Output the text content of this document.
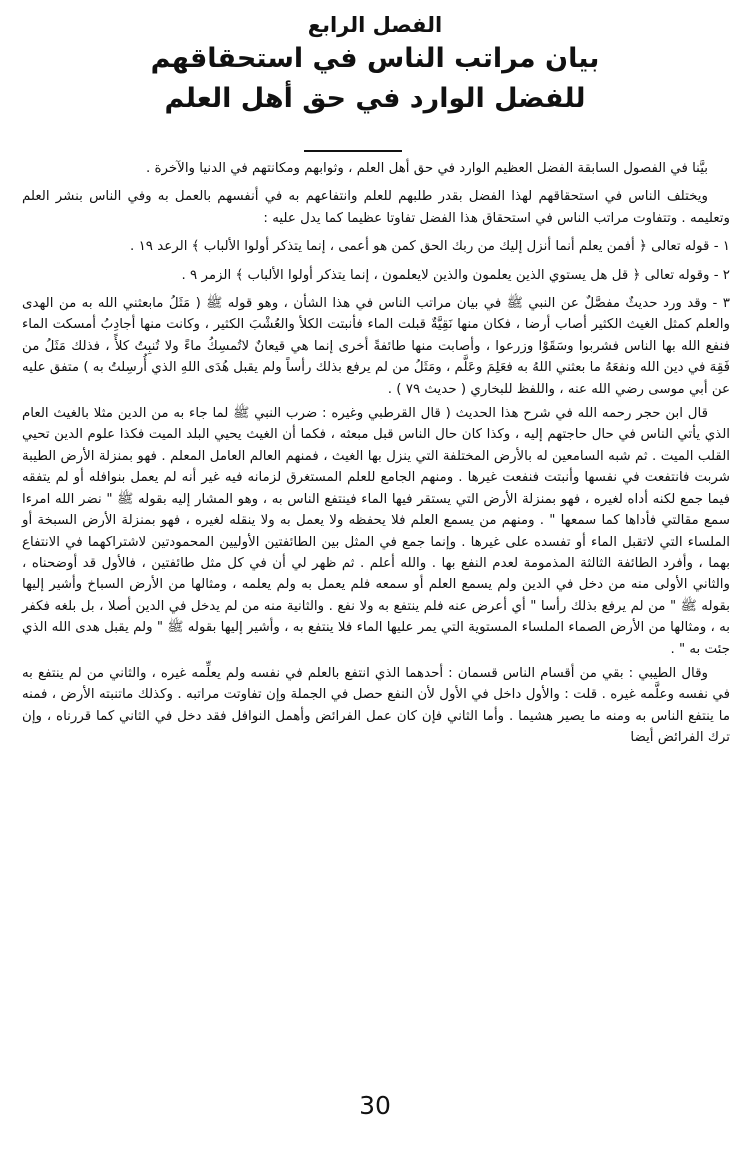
الفصل الرابع
بيان مراتب الناس في استحقاقهم
للفضل الوارد في حق أهل العلم

بيَّنا في الفصول السابقة الفضل العظيم الوارد في حق أهل العلم ، وثوابهم ومكانتهم في الدنيا والآخرة .

ويختلف الناس في استحقاقهم لهذا الفضل بقدر طلبهم للعلم وانتفاعهم به في أنفسهم بالعمل به وفي الناس بنشر العلم وتعليمه . وتتفاوت مراتب الناس في استحقاق هذا الفضل تفاوتا عظيما كما يدل عليه :

١ - قوله تعالى ﴿ أفمن يعلم أنما أنزل إليك من ربك الحق كمن هو أعمى ، إنما يتذكر أولوا الألباب ﴾ الرعد ١٩ .

٢ - وقوله تعالى ﴿ قل هل يستوي الذين يعلمون والذين لايعلمون ، إنما يتذكر أولوا الألباب ﴾ الزمر ٩ .

٣ - وقد ورد حديثٌ مفصَّلٌ عن النبي ﷺ في بيان مراتب الناس في هذا الشأن ، وهو قوله ﷺ ( مَثَلُ مابعثني الله به من الهدى والعلم كمثل الغيث الكثير أصاب أرضا ، فكان منها نَقِيَّةٌ قبلت الماء فأنبتت الكلأ والعُشْبَ الكثير ، وكانت منها أجادِبُ أمسكت الماء فنفع الله بها الناس فشربوا وسَقَوْا وزرعوا ، وأصابت منها طائفةً أخرى إنما هي قيعانٌ لاتُمسِكُ ماءً ولا تُنبِتُ كلأً ، فذلك مَثَلُ من فَقِهَ في دين الله ونفعَهُ ما بعثني اللهُ به فعَلِمَ وعَلَّم ، ومَثَلُ من لم يرفع بذلك رأساً ولم يقبل هُدَى اللهِ الذي أُرسِلتُ به ) متفق عليه عن أبي موسى رضي الله عنه ، واللفظ للبخاري ( حديث ٧٩ ) .

قال ابن حجر رحمه الله في شرح هذا الحديث ( قال القرطبي وغيره : ضرب النبي ﷺ لما جاء به من الدين مثلا بالغيث العام الذي يأتي الناس في حال حاجتهم إليه ، وكذا كان حال الناس قبل مبعثه ، فكما أن الغيث يحيي البلد الميت فكذا علوم الدين تحيي القلب الميت . ثم شبه السامعين له بالأرض المختلفة التي ينزل بها الغيث ، فمنهم العالم العامل المعلم . فهو بمنزلة الأرض الطيبة شربت فانتفعت في نفسها وأنبتت فنفعت غيرها . ومنهم الجامع للعلم المستغرق لزمانه فيه غير أنه لم يعمل بنوافله أو لم يتفقه فيما جمع لكنه أداه لغيره ، فهو بمنزلة الأرض التي يستقر فيها الماء فينتفع الناس به ، وهو المشار إليه بقوله ﷺ " نضر الله امرءا سمع مقالتي فأداها كما سمعها " . ومنهم من يسمع العلم فلا يحفظه ولا يعمل به ولا ينقله لغيره ، فهو بمنزلة الأرض السبخة أو الملساء التي لاتقبل الماء أو تفسده على غيرها . وإنما جمع في المثل بين الطائفتين الأوليين المحمودتين لاشتراكهما في الانتفاع بهما ، وأفرد الطائفة الثالثة المذمومة لعدم النفع بها . والله أعلم . ثم ظهر لي أن في كل مثل طائفتين ، فالأول قد أوضحناه ، والثاني الأولى منه من دخل في الدين ولم يسمع العلم أو سمعه فلم يعمل به ولم يعلمه ، ومثالها من الأرض السباخ وأشير إليها بقوله ﷺ " من لم يرفع بذلك رأسا " أي أعرض عنه فلم ينتفع به ولا نفع . والثانية منه من لم يدخل في الدين أصلا ، بل بلغه فكفر به ، ومثالها من الأرض الصماء الملساء المستوية التي يمر عليها الماء فلا ينتفع به ، وأشير إليها بقوله ﷺ " ولم يقبل هدى الله الذي جئت به " .

وقال الطيبي : بقي من أقسام الناس قسمان : أحدهما الذي انتفع بالعلم في نفسه ولم يعلِّمه غيره ، والثاني من لم ينتفع به في نفسه وعلَّمه غيره . قلت : والأول داخل في الأول لأن النفع حصل في الجملة وإن تفاوتت مراتبه . وكذلك ماتنبته الأرض ، فمنه ما ينتفع الناس به ومنه ما يصير هشيما . وأما الثاني فإن كان عمل الفرائض وأهمل النوافل فقد دخل في الثاني كما قررناه ، وإن ترك الفرائض أيضا

30
